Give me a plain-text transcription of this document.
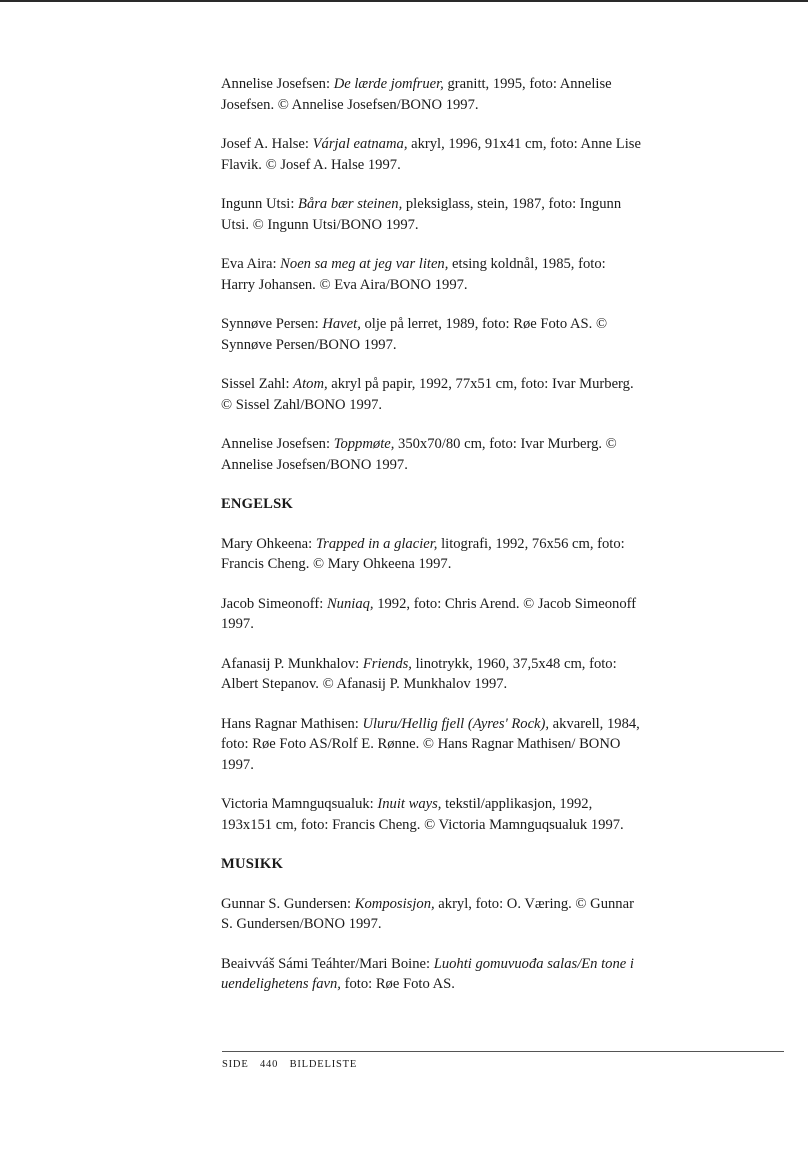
Annelise Josefsen: De lærde jomfruer, granitt, 1995, foto: Annelise Josefsen. © Annelise Josefsen/BONO 1997.
Josef A. Halse: Várjal eatnama, akryl, 1996, 91x41 cm, foto: Anne Lise Flavik. © Josef A. Halse 1997.
Ingunn Utsi: Båra bær steinen, pleksiglass, stein, 1987, foto: Ingunn Utsi. © Ingunn Utsi/BONO 1997.
Eva Aira: Noen sa meg at jeg var liten, etsing koldnål, 1985, foto: Harry Johansen. © Eva Aira/BONO 1997.
Synnøve Persen: Havet, olje på lerret, 1989, foto: Røe Foto AS. © Synnøve Persen/BONO 1997.
Sissel Zahl: Atom, akryl på papir, 1992, 77x51 cm, foto: Ivar Murberg. © Sissel Zahl/BONO 1997.
Annelise Josefsen: Toppmøte, 350x70/80 cm, foto: Ivar Murberg. © Annelise Josefsen/BONO 1997.
ENGELSK
Mary Ohkeena: Trapped in a glacier, litografi, 1992, 76x56 cm, foto: Francis Cheng. © Mary Ohkeena 1997.
Jacob Simeonoff: Nuniaq, 1992, foto: Chris Arend. © Jacob Simeonoff 1997.
Afanasij P. Munkhalov: Friends, linotrykk, 1960, 37,5x48 cm, foto: Albert Stepanov. © Afanasij P. Munkhalov 1997.
Hans Ragnar Mathisen: Uluru/Hellig fjell (Ayres' Rock), akvarell, 1984, foto: Røe Foto AS/Rolf E. Rønne. © Hans Ragnar Mathisen/ BONO 1997.
Victoria Mamnguqsualuk: Inuit ways, tekstil/applikasjon, 1992, 193x151 cm, foto: Francis Cheng. © Victoria Mamnguqsualuk 1997.
MUSIKK
Gunnar S. Gundersen: Komposisjon, akryl, foto: O. Væring. © Gunnar S. Gundersen/BONO 1997.
Beaivváš Sámi Teáhter/Mari Boine: Luohti gomuvuođa salas/En tone i uendelighetens favn, foto: Røe Foto AS.
SIDE 440 BILDELISTE
